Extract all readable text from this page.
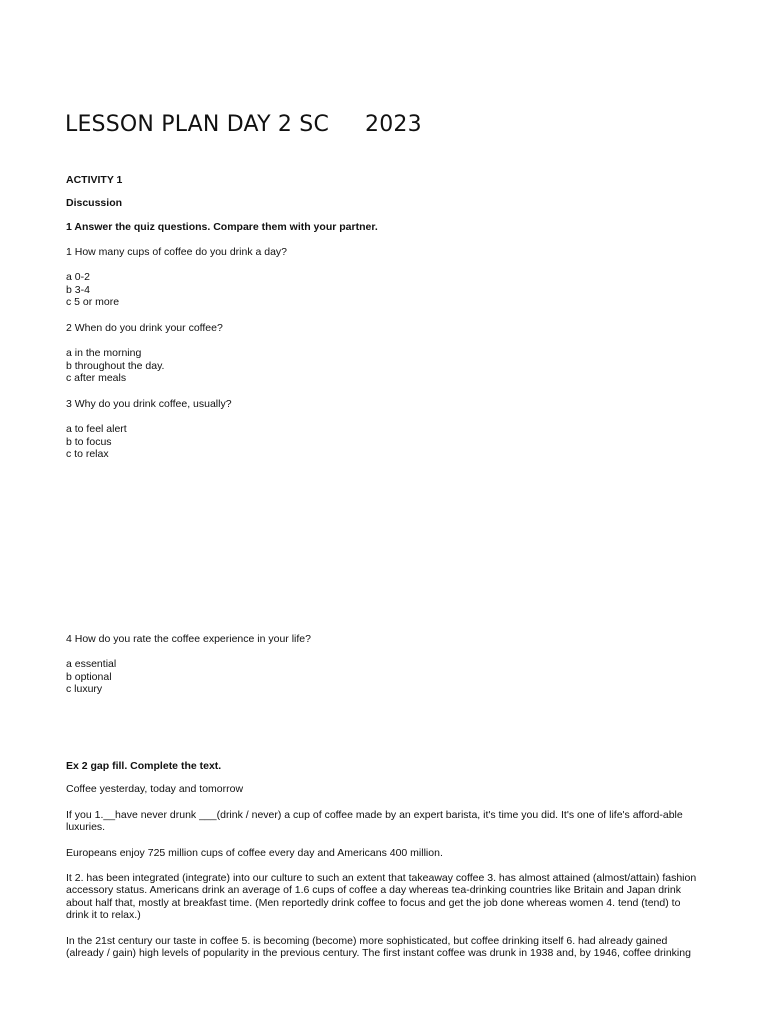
LESSON PLAN DAY 2 SC     2023
ACTIVITY 1
Discussion
1 Answer the quiz questions. Compare them with your partner.
1 How many cups of coffee do you drink a day?
a 0-2
b 3-4
c 5 or more
2 When do you drink your coffee?
a in the morning
b throughout the day.
c after meals
3 Why do you drink coffee, usually?
a to feel alert
b to focus
c to relax
4 How do you rate the coffee experience in your life?
a essential
b optional
c luxury
Ex 2 gap fill. Complete the text.
Coffee yesterday, today and tomorrow
If you 1.__have never drunk ___(drink / never) a cup of coffee made by an expert barista, it's time you did. It's one of life's afford-able luxuries.
Europeans enjoy 725 million cups of coffee every day and Americans 400 million.
It 2. has been integrated (integrate) into our culture to such an extent that takeaway coffee 3. has almost attained (almost/attain) fashion accessory status. Americans drink an average of 1.6 cups of coffee a day whereas tea-drinking countries like Britain and Japan drink about half that, mostly at breakfast time. (Men reportedly drink coffee to focus and get the job done whereas women 4. tend (tend) to drink it to relax.)
In the 21st century our taste in coffee 5. is becoming (become) more sophisticated, but coffee drinking itself 6. had already gained (already / gain) high levels of popularity in the previous century. The first instant coffee was drunk in 1938 and, by 1946, coffee drinking
